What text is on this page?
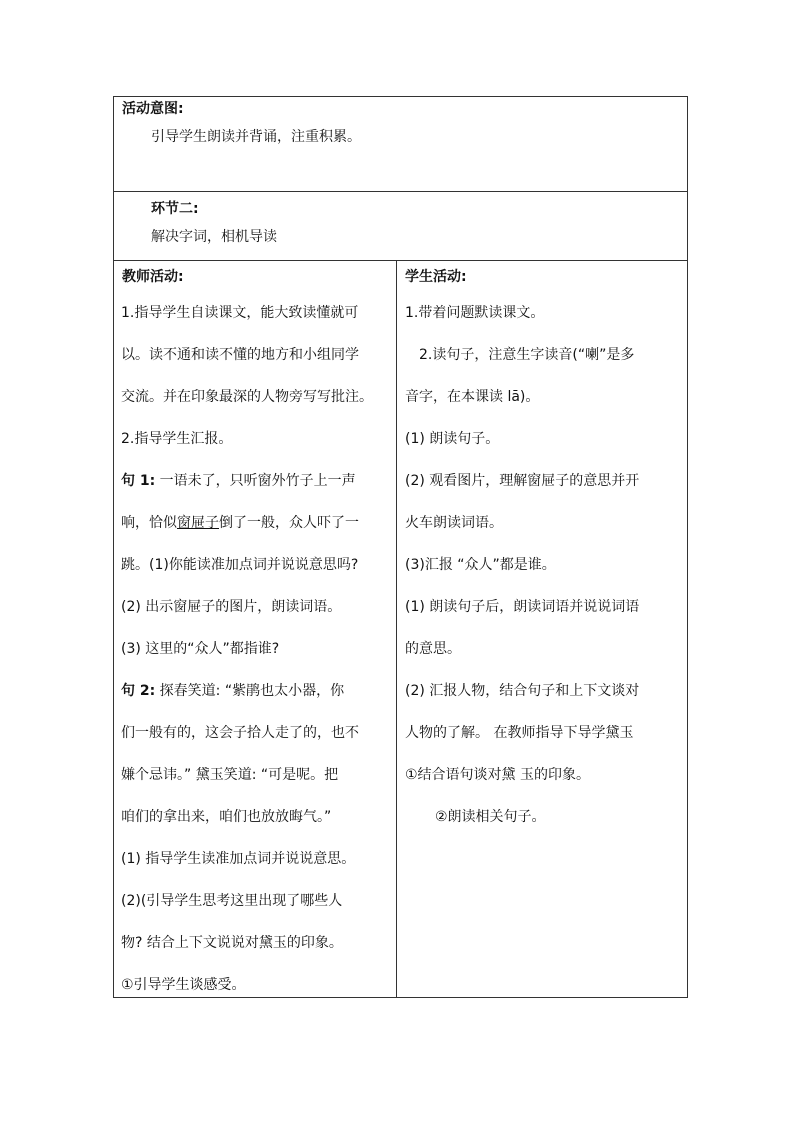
活动意图:
引导学生朗读并背诵，注重积累。
环节二:
解决字词，相机导读
教师活动:
1.指导学生自读课文，能大致读懂就可
以。读不通和读不懂的地方和小组同学
交流。并在印象最深的人物旁写写批注。
2.指导学生汇报。
句 1: 一语未了，只听窗外竹子上一声
响，恰似窗屉子倒了一般，众人吓了一
跳。(1)你能读准加点词并说说意思吗?
(2) 出示窗屉子的图片，朗读词语。
(3) 这里的“众人”都指谁?
句 2: 探春笑道: “紫鹃也太小器，你
们一般有的，这会子拾人走了的，也不
嫌个忌讳。” 黛玉笑道: “可是呢。把
咱们的拿出来，咱们也放放晦气。”
(1) 指导学生读准加点词并说说意思。
(2)(引导学生思考这里出现了哪些人
物? 结合上下文说说对黛玉的印象。
①引导学生谈感受。
学生活动:
1.带着问题默读课文。
2.读句子，注意生字读音(“喇”是多
音字，在本课读 lā)。
(1) 朗读句子。
(2) 观看图片，理解窗屉子的意思并开
火车朗读词语。
(3)汇报 “众人”都是谁。
(1) 朗读句子后，朗读词语并说说词语
的意思。
(2) 汇报人物，结合句子和上下文谈对
人物的了解。 在教师指导下导学黛玉
①结合语句谈对黛 玉的印象。
②朗读相关句子。
